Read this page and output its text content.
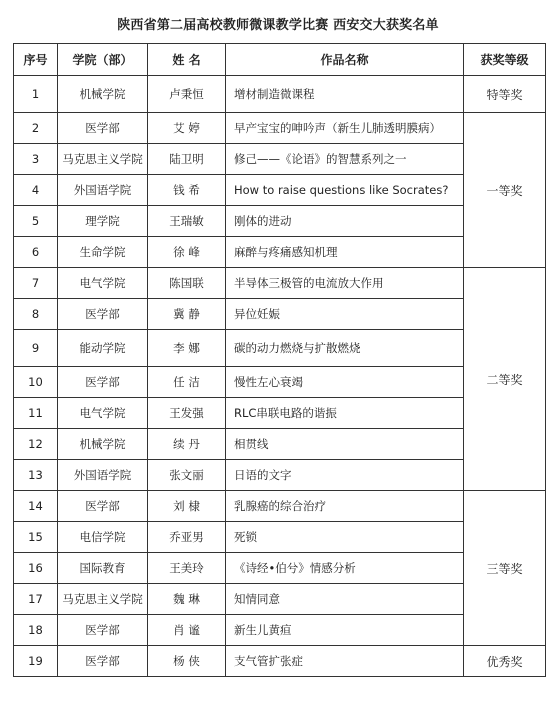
陕西省第二届高校教师微课教学比赛 西安交大获奖名单
序号	学院（部）	姓 名	作品名称	获奖等级
1	机械学院	卢秉恒	增材制造微课程	特等奖
2	医学部	艾 婷	早产宝宝的呻吟声（新生儿肺透明膜病）	一等奖
3	马克思主义学院	陆卫明	修己——《论语》的智慧系列之一	
4	外国语学院	钱 希	How to raise questions like Socrates?	
5	理学院	王瑞敏	刚体的进动	
6	生命学院	徐 峰	麻醉与疼痛感知机理	
7	电气学院	陈国联	半导体三极管的电流放大作用	二等奖
8	医学部	冀 静	异位妊娠	
9	能动学院	李 娜	碳的动力燃烧与扩散燃烧	
10	医学部	任 洁	慢性左心衰竭	
11	电气学院	王发强	RLC串联电路的谐振	
12	机械学院	续 丹	相贯线	
13	外国语学院	张文丽	日语的文字	
14	医学部	刘 棣	乳腺癌的综合治疗	三等奖
15	电信学院	乔亚男	死锁	
16	国际教育	王美玲	《诗经•伯兮》情感分析	
17	马克思主义学院	魏 琳	知情同意	
18	医学部	肖 谧	新生儿黄疸	
19	医学部	杨 侠	支气管扩张症	优秀奖
